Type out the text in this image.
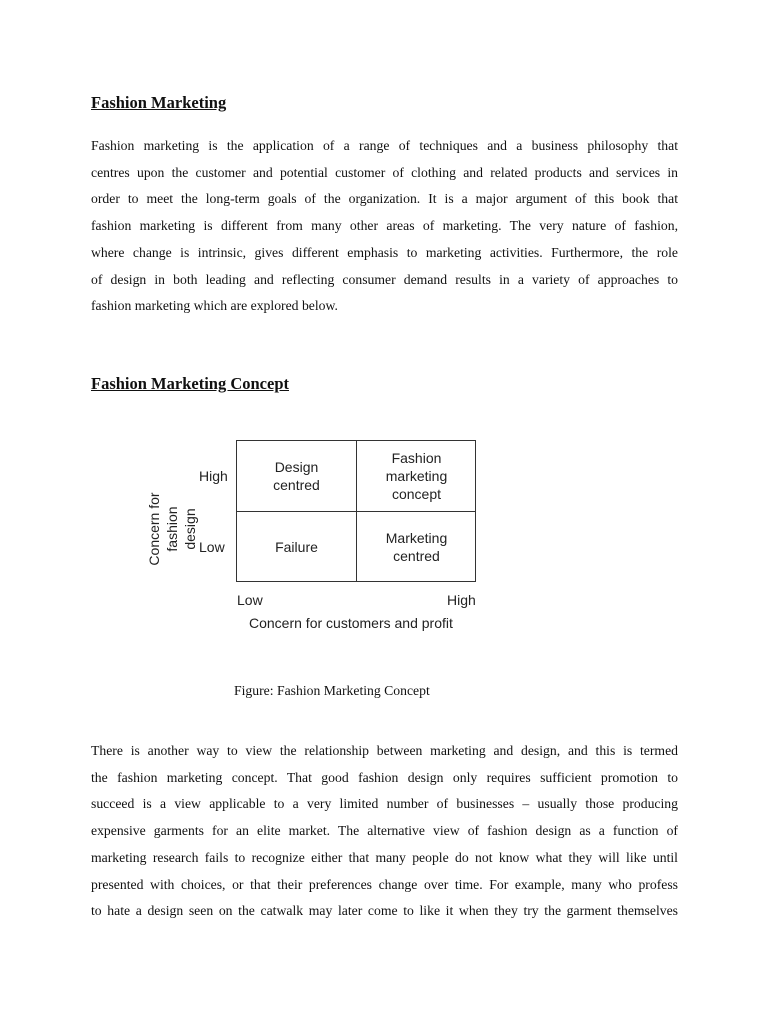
Fashion Marketing

Fashion marketing is the application of a range of techniques and a business philosophy that
centres upon the customer and potential customer of clothing and related products and services in
order to meet the long-term goals of the organization. It is a major argument of this book that
fashion marketing is different from many other areas of marketing. The very nature of fashion,
where change is intrinsic, gives different emphasis to marketing activities. Furthermore, the role
of design in both leading and reflecting consumer demand results in a variety of approaches to
fashion marketing which are explored below.

Fashion Marketing Concept
Concern for fashion design
High
Low
Design
centred
Fashion
marketing
concept
Failure
Marketing
centred
Low	High
Concern for customers and profit
Figure: Fashion Marketing Concept

There is another way to view the relationship between marketing and design, and this is termed
the fashion marketing concept. That good fashion design only requires sufficient promotion to
succeed is a view applicable to a very limited number of businesses – usually those producing
expensive garments for an elite market. The alternative view of fashion design as a function of
marketing research fails to recognize either that many people do not know what they will like until
presented with choices, or that their preferences change over time. For example, many who profess
to hate a design seen on the catwalk may later come to like it when they try the garment themselves
